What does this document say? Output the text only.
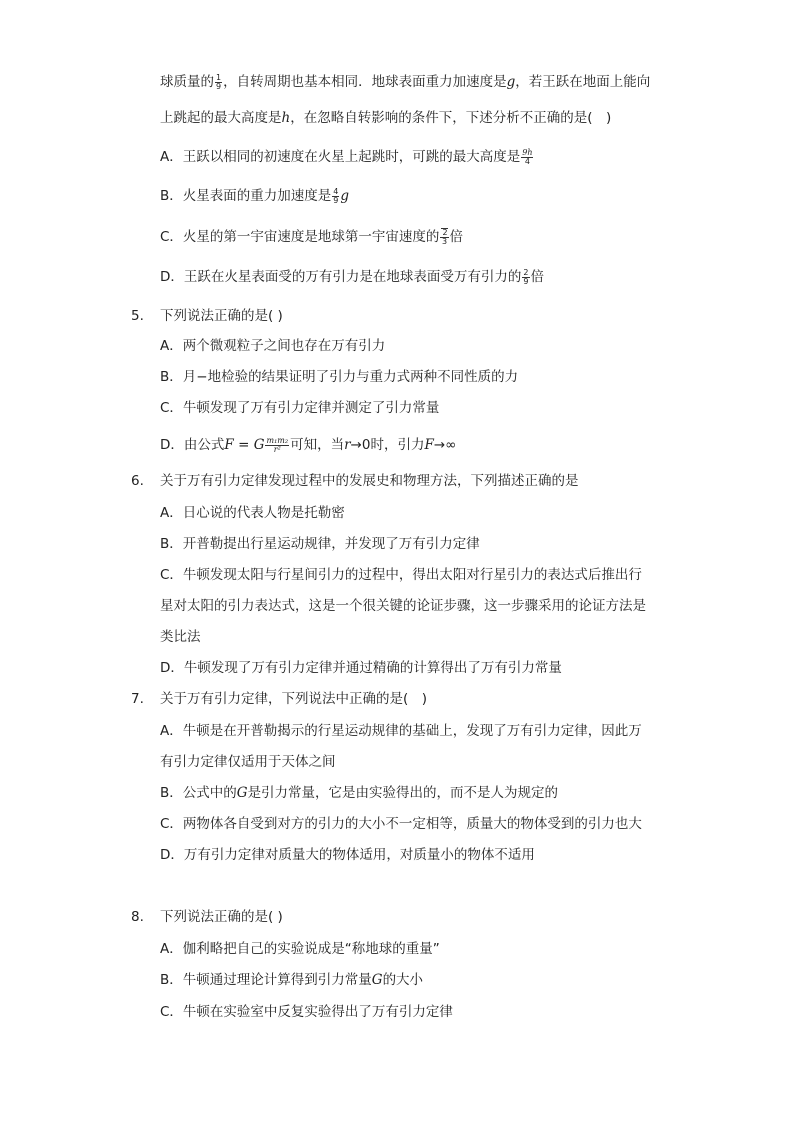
球质量的 $\frac{1}{9}$ ，自转周期也基本相同．地球表面重力加速度是g，若王跃在地面上能向
上跳起的最大高度是h，在忽略自转影响的条件下，下述分析不正确的是(　)
A．王跃以相同的初速度在火星上起跳时，可跳的最大高度是 $\frac{9h}{4}$
B．火星表面的重力加速度是 $\frac{4}{9}$ g
C．火星的第一宇宙速度是地球第一宇宙速度的 $\frac{2}{3}$ 倍
D．王跃在火星表面受的万有引力是在地球表面受万有引力的 $\frac{2}{9}$ 倍
5. 下列说法正确的是( )
A．两个微观粒子之间也存在万有引力
B．月−地检验的结果证明了引力与重力式两种不同性质的力
C．牛顿发现了万有引力定律并测定了引力常量
D．由公式F = G $\frac{\text{m₁m₂}}{\text{r²}}$ 可知，当r→0时，引力F→∞
6. 关于万有引力定律发现过程中的发展史和物理方法，下列描述正确的是
A．日心说的代表人物是托勒密
B．开普勒提出行星运动规律，并发现了万有引力定律
C．牛顿发现太阳与行星间引力的过程中，得出太阳对行星引力的表达式后推出行
星对太阳的引力表达式，这是一个很关键的论证步骤，这一步骤采用的论证方法是
类比法
D．牛顿发现了万有引力定律并通过精确的计算得出了万有引力常量
7. 关于万有引力定律，下列说法中正确的是(　)
A．牛顿是在开普勒揭示的行星运动规律的基础上，发现了万有引力定律，因此万
有引力定律仅适用于天体之间
B．公式中的G是引力常量，它是由实验得出的，而不是人为规定的
C．两物体各自受到对方的引力的大小不一定相等，质量大的物体受到的引力也大
D．万有引力定律对质量大的物体适用，对质量小的物体不适用
8. 下列说法正确的是( )
A．伽利略把自己的实验说成是“称地球的重量”
B．牛顿通过理论计算得到引力常量G的大小
C．牛顿在实验室中反复实验得出了万有引力定律
